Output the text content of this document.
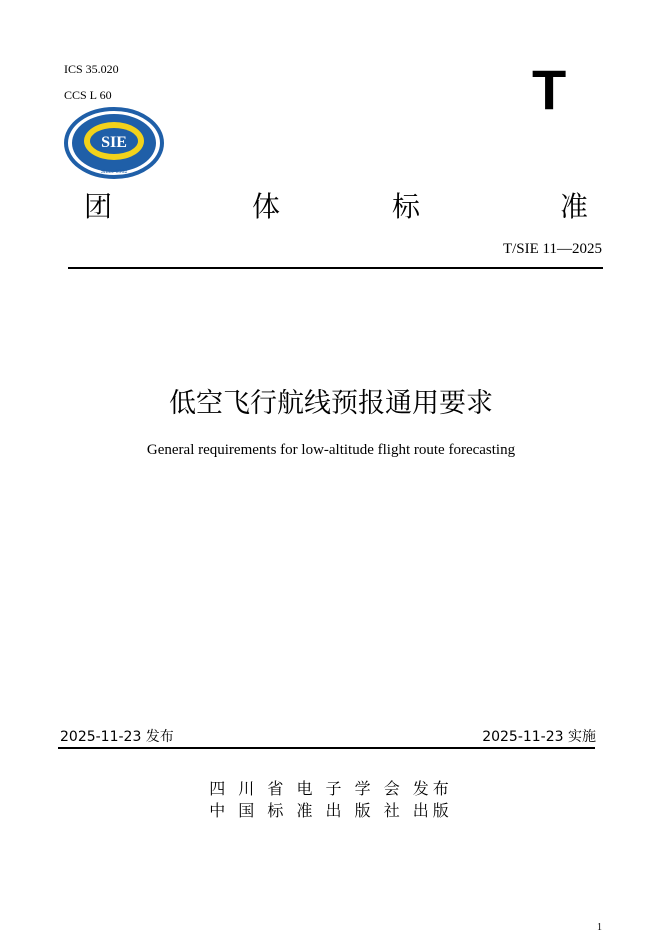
ICS 35.020
CCS L 60	T
SIE
Since 1962
团	体	标	准
T/SIE 11—2025
低空飞行航线预报通用要求
General requirements for low-altitude flight route forecasting
2025-11-23 发布	2025-11-23 实施
四 川 省 电 子 学 会 发布
中 国 标 准 出 版 社 出版
1
